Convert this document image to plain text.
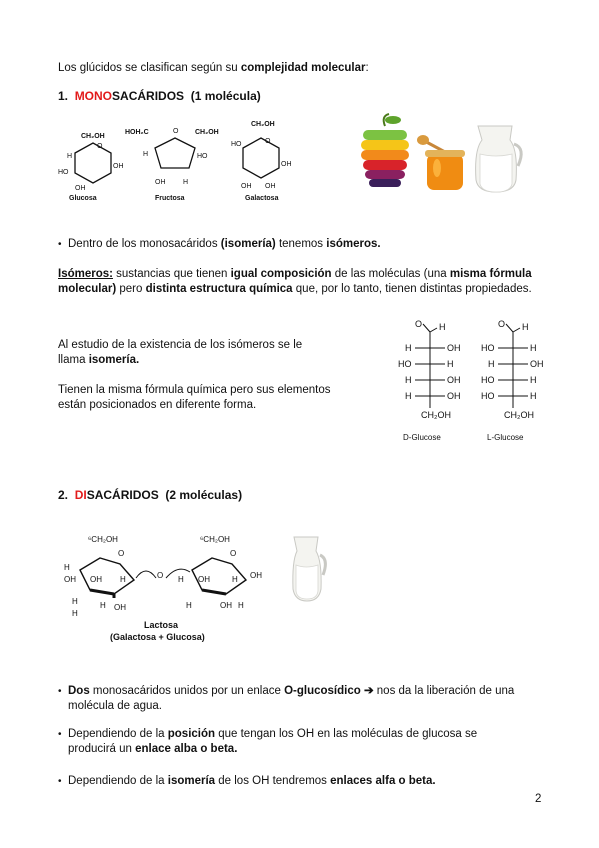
Los glúcidos se clasifican según su complejidad molecular:
1. MONOSACÁRIDOS (1 molécula)
CH₂OH
O
H
HO
OH
OH
Glucosa
HOH₂C	CH₂OH
O
H	HO
OH	H
Fructosa
CH₂OH
O
HO
OH
OH OH
Galactosa
• Dentro de los monosacáridos (isomería) tenemos isómeros.
Isómeros: sustancias que tienen igual composición de las moléculas (una misma fórmula molecular) pero distinta estructura química que, por lo tanto, tienen distintas propiedades.
Al estudio de la existencia de los isómeros se le llama isomería.
Tienen la misma fórmula química pero sus elementos están posicionados en diferente forma.
O H
H	OH
HO	H
H	OH
H	OH
CH₂OH
D-Glucose
O H
HO	H
H	OH
HO	H
HO	H
CH₂OH
L-Glucose
2. DISACÁRIDOS (2 moléculas)
⁶CH₂OH	⁶CH₂OH
O
O	O
H
OH OH H
H	H
H
OH
H OH	H OH
H	OH H
Lactosa
(Galactosa + Glucosa)
• Dos monosacáridos unidos por un enlace O-glucosídico ➔ nos da la liberación de una molécula de agua.
• Dependiendo de la posición que tengan los OH en las moléculas de glucosa se producirá un enlace alba o beta.
• Dependiendo de la isomería de los OH tendremos enlaces alfa o beta.
2
